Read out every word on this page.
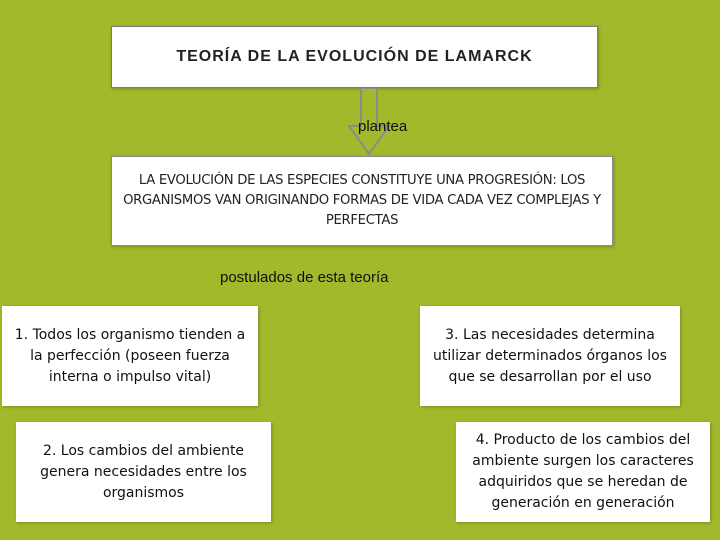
TEORÍA DE LA EVOLUCIÓN DE LAMARCK
plantea
LA EVOLUCIÓN DE LAS ESPECIES CONSTITUYE UNA PROGRESIÓN: LOS ORGANISMOS VAN ORIGINANDO FORMAS DE VIDA CADA VEZ COMPLEJAS Y PERFECTAS
postulados de esta teoría
1. Todos los organismo tienden a la perfección (poseen fuerza interna o impulso vital)
2. Los cambios del ambiente genera necesidades entre los organismos
3. Las necesidades determina utilizar determinados órganos los que se desarrollan por el uso
4. Producto de los cambios del ambiente surgen los caracteres adquiridos que se heredan de generación en generación
